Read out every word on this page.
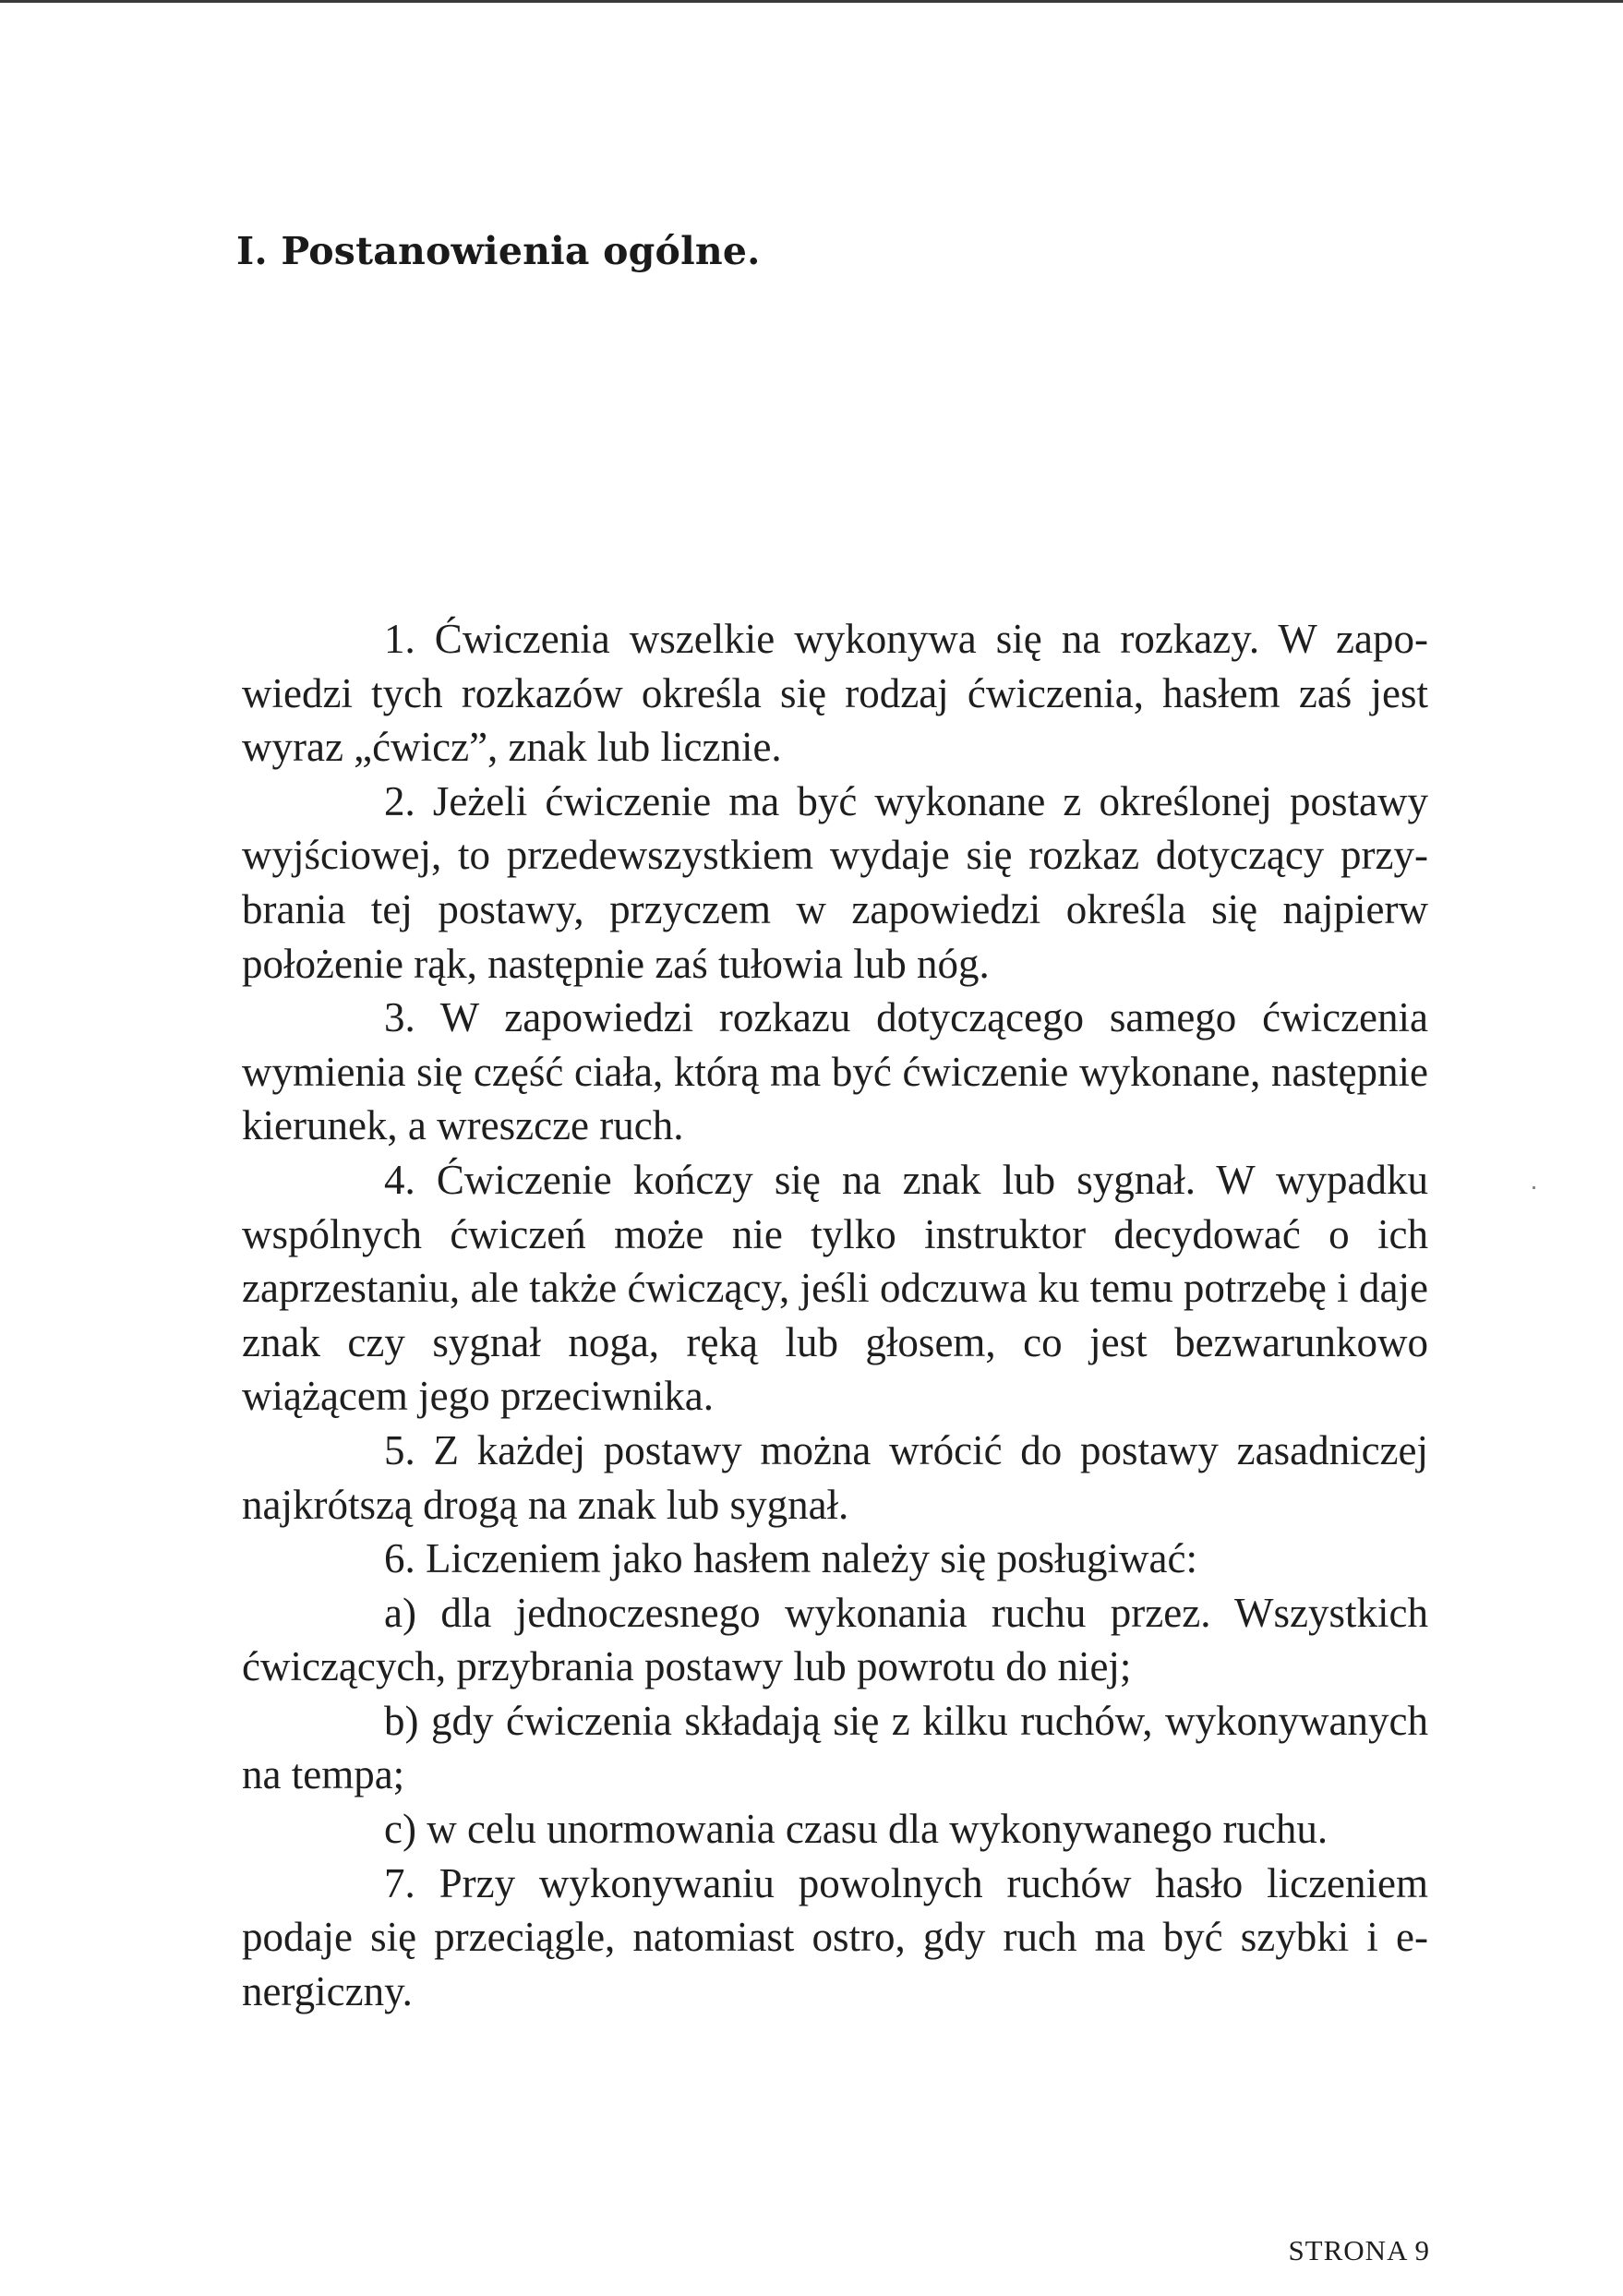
I. Postanowienia ogólne.

1. Ćwiczenia wszelkie wykonywa się na rozkazy. W zapowiedzi tych rozkazów określa się rodzaj ćwiczenia, hasłem zaś jest wyraz „ćwicz”, znak lub licznie.

2. Jeżeli ćwiczenie ma być wykonane z określonej postawy wyjściowej, to przedewszystkiem wydaje się rozkaz dotyczący przybrania tej postawy, przyczem w zapowiedzi określa się najpierw położenie rąk, następnie zaś tułowia lub nóg.

3. W zapowiedzi rozkazu dotyczącego samego ćwiczenia wymienia się część ciała, którą ma być ćwiczenie wykonane, następnie kierunek, a wreszcze ruch.

4. Ćwiczenie kończy się na znak lub sygnał. W wypadku wspólnych ćwiczeń może nie tylko instruktor decydować o ich zaprzestaniu, ale także ćwiczący, jeśli odczuwa ku temu potrzebę i daje znak czy sygnał noga, ręką lub głosem, co jest bezwarunkowo wiążącem jego przeciwnika.

5. Z każdej postawy można wrócić do postawy zasadniczej najkrótszą drogą na znak lub sygnał.

6. Liczeniem jako hasłem należy się posługiwać:

a) dla jednoczesnego wykonania ruchu przez. Wszystkich ćwiczących, przybrania postawy lub powrotu do niej;

b) gdy ćwiczenia składają się z kilku ruchów, wykonywanych na tempa;

c) w celu unormowania czasu dla wykonywanego ruchu.

7. Przy wykonywaniu powolnych ruchów hasło liczeniem podaje się przeciągle, natomiast ostro, gdy ruch ma być szybki i energiczny.

STRONA 9
